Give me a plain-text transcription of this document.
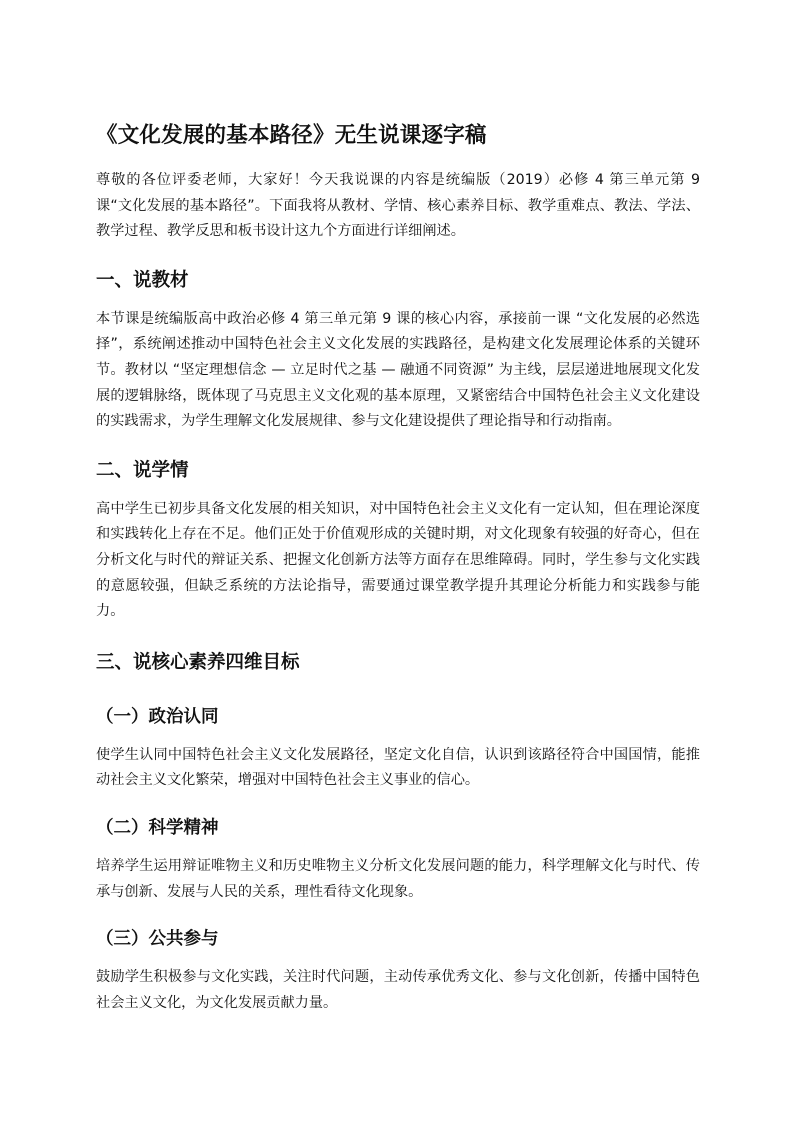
《文化发展的基本路径》无生说课逐字稿

尊敬的各位评委老师，大家好！今天我说课的内容是统编版（2019）必修 4 第三单元第 9 课“文化发展的基本路径”。下面我将从教材、学情、核心素养目标、教学重难点、教法、学法、教学过程、教学反思和板书设计这九个方面进行详细阐述。

一、说教材

本节课是统编版高中政治必修 4 第三单元第 9 课的核心内容，承接前一课 “文化发展的必然选择”，系统阐述推动中国特色社会主义文化发展的实践路径，是构建文化发展理论体系的关键环节。教材以 “坚定理想信念 — 立足时代之基 — 融通不同资源” 为主线，层层递进地展现文化发展的逻辑脉络，既体现了马克思主义文化观的基本原理，又紧密结合中国特色社会主义文化建设的实践需求，为学生理解文化发展规律、参与文化建设提供了理论指导和行动指南。

二、说学情

高中学生已初步具备文化发展的相关知识，对中国特色社会主义文化有一定认知，但在理论深度和实践转化上存在不足。他们正处于价值观形成的关键时期，对文化现象有较强的好奇心，但在分析文化与时代的辩证关系、把握文化创新方法等方面存在思维障碍。同时，学生参与文化实践的意愿较强，但缺乏系统的方法论指导，需要通过课堂教学提升其理论分析能力和实践参与能力。

三、说核心素养四维目标
（一）政治认同

使学生认同中国特色社会主义文化发展路径，坚定文化自信，认识到该路径符合中国国情，能推动社会主义文化繁荣，增强对中国特色社会主义事业的信心。

（二）科学精神

培养学生运用辩证唯物主义和历史唯物主义分析文化发展问题的能力，科学理解文化与时代、传承与创新、发展与人民的关系，理性看待文化现象。

（三）公共参与

鼓励学生积极参与文化实践，关注时代问题，主动传承优秀文化、参与文化创新，传播中国特色社会主义文化，为文化发展贡献力量。
